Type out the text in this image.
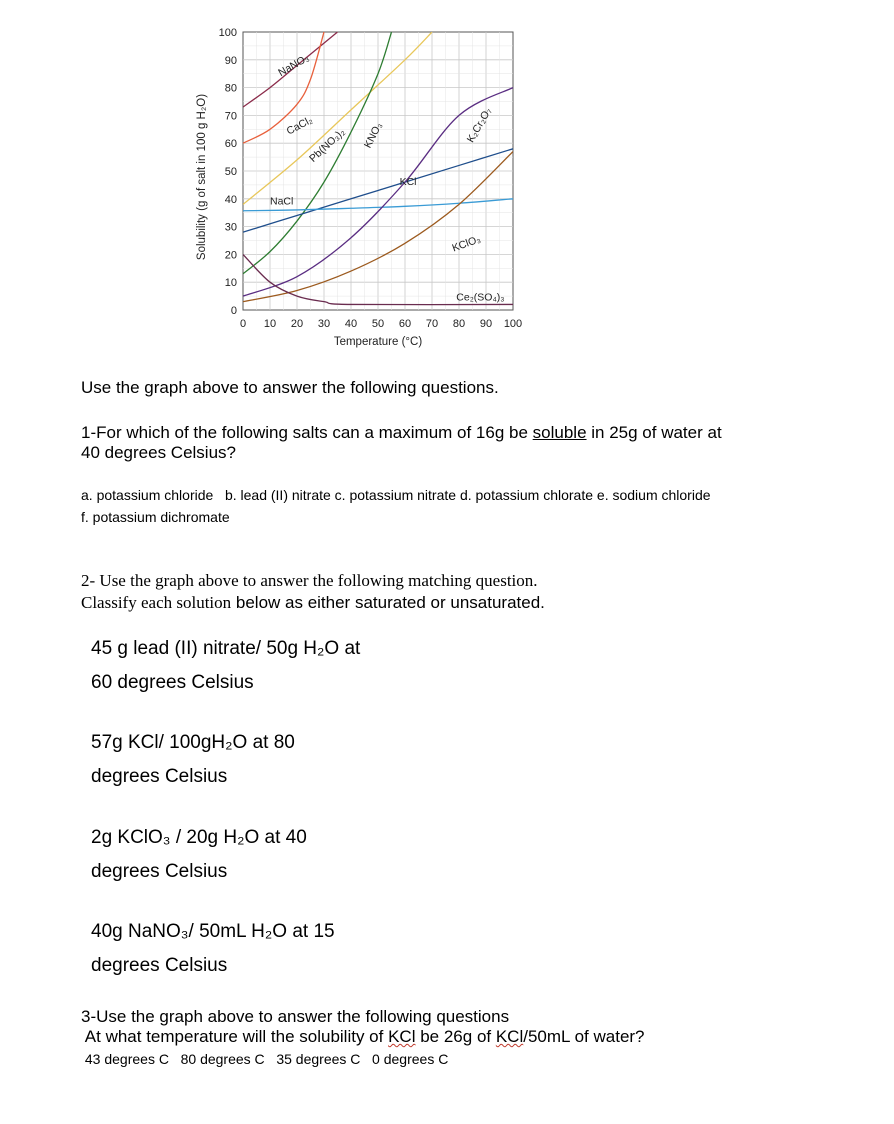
0 10 20 30 40 50 60 70 80 90 100
0
10
20
30
40
50
60
70
80
90
100
Temperature (°C)
Solubility (g of salt in 100 g H₂O)
NaNO₃
CaCl₂
Pb(NO₃)₂ KNO₃
KCl
NaCl
K₂Cr₂O₇
KClO₃
Ce₂(SO₄)₃

Use the graph above to answer the following questions.

1-For which of the following salts can a maximum of 16g be soluble in 25g of water at

40 degrees Celsius?

a. potassium chloride   b. lead (II) nitrate c. potassium nitrate d. potassium chlorate e. sodium chloride

f. potassium dichromate

2- Use the graph above to answer the following matching question.

Classify each solution below as either saturated or unsaturated.

45 g lead (II) nitrate/ 50g H₂O at
60 degrees Celsius
57g KCl/ 100gH₂O at 80
degrees Celsius
2g KClO₃ / 20g H₂O at 40
degrees Celsius
40g NaNO₃/ 50mL H₂O at 15
degrees Celsius

3-Use the graph above to answer the following questions

At what temperature will the solubility of KCl be 26g of KCl/50mL of water?

43 degrees C   80 degrees C   35 degrees C   0 degrees C
